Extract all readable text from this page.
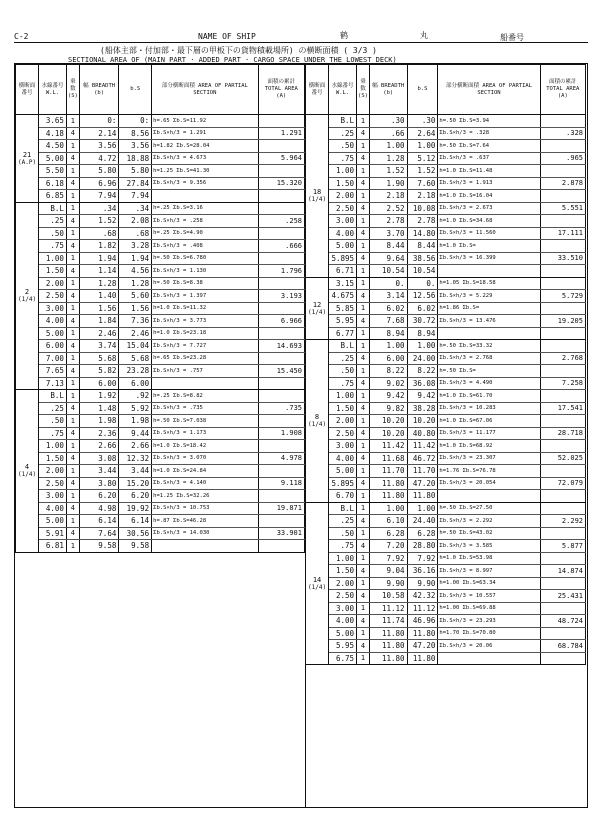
C-2	NAME OF SHIP	鹤	丸	船番号
(船体主部・付加部・最下層の甲板下の貨物積載場所) の横断面積 ( 3/3 )
SECTIONAL AREA OF (MAIN PART · ADDED PART · CARGO SPACE UNDER THE LOWEST DECK)
横断面番号	水線番号 W.L.	乗数 (S)	幅 BREADTH (b)	b.S	部分横断面積 AREA OF PARTIAL SECTION	面積の累計 TOTAL AREA (A)

21
(A.P)	3.65	1	0:	0:	h=.65 Σb.S=11.92	
	4.18	4	2.14	8.56	Σb.S×h/3 = 1.291	1.291
	4.50	1	3.56	3.56	h=1.82 Σb.S=28.04	
	5.00	4	4.72	18.88	Σb.S×h/3 = 4.673	5.964
	5.50	1	5.80	5.80	h=1.25 Σb.S=41.30	
	6.18	4	6.96	27.84	Σb.S×h/3 = 9.356	15.320
	6.85	1	7.94	7.94		

2
(1/4)	B.L	1	.34	.34	h=.25 Σb.S=3.16	
	.25	4	1.52	2.08	Σb.S×h/3 = .258	.258
	.50	1	.68	.68	h=.25 Σb.S=4.90	
	.75	4	1.82	3.28	Σb.S×h/3 = .408	.666
	1.00	1	1.94	1.94	h=.50 Σb.S=6.780	
	1.50	4	1.14	4.56	Σb.S×h/3 = 1.130	1.796
	2.00	1	1.28	1.28	h=.50 Σb.S=8.38	
	2.50	4	1.40	5.60	Σb.S×h/3 = 1.397	3.193
	3.00	1	1.56	1.56	h=1.0 Σb.S=11.32	
	4.00	4	1.84	7.36	Σb.S×h/3 = 3.773	6.966
	5.00	1	2.46	2.46	h=1.0 Σb.S=23.18	
	6.00	4	3.74	15.04	Σb.S×h/3 = 7.727	14.693
	7.00	1	5.68	5.68	h=.65 Σb.S=23.28	
	7.65	4	5.82	23.28	Σb.S×h/3 = .757	15.450
	7.13	1	6.00	6.00		

4
(1/4)	B.L	1	1.92	.92	h=.25 Σb.S=8.82	
	.25	4	1.48	5.92	Σb.S×h/3 = .735	.735
	.50	1	1.98	1.98	h=.50 Σb.S=7.038	
	.75	4	2.36	9.44	Σb.S×h/3 = 1.173	1.908
	1.00	1	2.66	2.66	h=1.0 Σb.S=18.42	
	1.50	4	3.08	12.32	Σb.S×h/3 = 3.070	4.978
	2.00	1	3.44	3.44	h=1.0 Σb.S=24.84	
	2.50	4	3.80	15.20	Σb.S×h/3 = 4.140	9.118
	3.00	1	6.20	6.20	h=1.25 Σb.S=32.26	
	4.00	4	4.98	19.92	Σb.S×h/3 = 10.753	19.871
	5.00	1	6.14	6.14	h=.87 Σb.S=46.28	
	5.91	4	7.64	30.56	Σb.S×h/3 = 14.030	33.901
	6.81	1	9.58	9.58		
横断面番号	水線番号 W.L.	乗数 (S)	幅 BREADTH (b)	b.S	部分横断面積 AREA OF PARTIAL SECTION	面積の累計 TOTAL AREA (A)

18
(1/4)	B.L	1	.30	.30	h=.50 Σb.S=3.94	
	.25	4	.66	2.64	Σb.S×h/3 = .328	.328
	.50	1	1.00	1.00	h=.50 Σb.S=7.64	
	.75	4	1.28	5.12	Σb.S×h/3 = .637	.965
	1.00	1	1.52	1.52	h=1.0 Σb.S=11.48	
	1.50	4	1.90	7.60	Σb.S×h/3 = 1.913	2.878
	2.00	1	2.18	2.18	h=1.0 Σb.S=16.04	
	2.50	4	2.52	10.08	Σb.S×h/3 = 2.673	5.551
	3.00	1	2.78	2.78	h=1.0 Σb.S=34.68	
	4.00	4	3.70	14.80	Σb.S×h/3 = 11.560	17.111
	5.00	1	8.44	8.44	h=1.0 Σb.S=	
	5.895	4	9.64	38.56	Σb.S×h/3 = 16.399	33.510
	6.71	1	10.54	10.54		

12
(1/4)	3.15	1	0.	0.	h=1.05 Σb.S=18.58	
	4.675	4	3.14	12.56	Σb.S×h/3 = 5.229	5.729
	5.85	1	6.02	6.02	h=1.86 Σb.S=	
	5.95	4	7.68	30.72	Σb.S×h/3 = 13.476	19.205
	6.77	1	8.94	8.94		

8
(1/4)	B.L	1	1.00	1.00	h=.50 Σb.S=33.32	
	.25	4	6.00	24.00	Σb.S×h/3 = 2.768	2.768
	.50	1	8.22	8.22	h=.50 Σb.S=	
	.75	4	9.02	36.08	Σb.S×h/3 = 4.490	7.258
	1.00	1	9.42	9.42	h=1.0 Σb.S=61.70	
	1.50	4	9.82	38.28	Σb.S×h/3 = 10.283	17.541
	2.00	1	10.20	10.20	h=1.0 Σb.S=67.06	
	2.50	4	10.20	40.80	Σb.S×h/3 = 11.177	28.718
	3.00	1	11.42	11.42	h=1.0 Σb.S=68.92	
	4.00	4	11.68	46.72	Σb.S×h/3 = 23.307	52.025
	5.00	1	11.70	11.70	h=1.76 Σb.S=76.78	
	5.895	4	11.80	47.20	Σb.S×h/3 = 20.054	72.079
	6.70	1	11.80	11.80		

14
(1/4)	B.L	1	1.00	1.00	h=.50 Σb.S=27.50	
	.25	4	6.10	24.40	Σb.S×h/3 = 2.292	2.292
	.50	1	6.28	6.28	h=.50 Σb.S=43.02	
	.75	4	7.20	28.80	Σb.S×h/3 = 3.585	5.877
	1.00	1	7.92	7.92	h=1.0 Σb.S=53.98	
	1.50	4	9.04	36.16	Σb.S×h/3 = 8.997	14.874
	2.00	1	9.90	9.90	h=1.00 Σb.S=63.34	
	2.50	4	10.58	42.32	Σb.S×h/3 = 10.557	25.431
	3.00	1	11.12	11.12	h=1.00 Σb.S=69.88	
	4.00	4	11.74	46.96	Σb.S×h/3 = 23.293	48.724
	5.00	1	11.80	11.80	h=1.70 Σb.S=70.80	
	5.95	4	11.80	47.20	Σb.S×h/3 = 20.06	68.784
	6.75	1	11.80	11.80		
